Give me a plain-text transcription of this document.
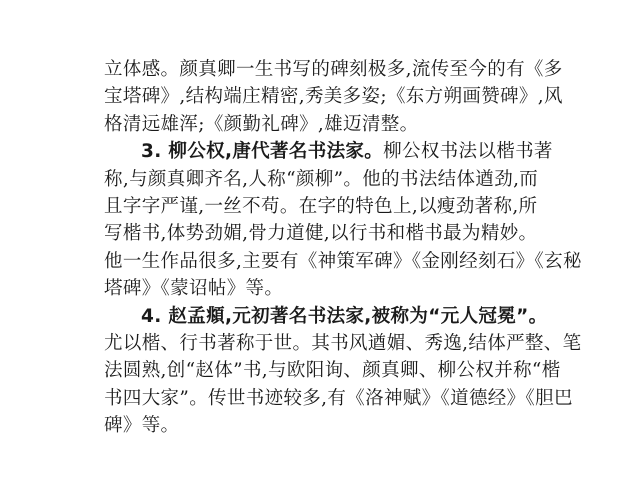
立体感。颜真卿一生书写的碑刻极多,流传至今的有《多
宝塔碑》,结构端庄精密,秀美多姿;《东方朔画赞碑》,风
格清远雄浑;《颜勤礼碑》,雄迈清整。
3. 柳公权,唐代著名书法家。柳公权书法以楷书著
称,与颜真卿齐名,人称“颜柳”。他的书法结体遒劲,而
且字字严谨,一丝不苟。在字的特色上,以瘦劲著称,所
写楷书,体势劲媚,骨力道健,以行书和楷书最为精妙。
他一生作品很多,主要有《神策军碑》《金刚经刻石》《玄秘
塔碑》《蒙诏帖》等。
4. 赵孟頫,元初著名书法家,被称为“元人冠冕”。
尤以楷、行书著称于世。其书风遒媚、秀逸,结体严整、笔
法圆熟,创“赵体”书,与欧阳询、颜真卿、柳公权并称“楷
书四大家”。传世书迹较多,有《洛神赋》《道德经》《胆巴
碑》等。
